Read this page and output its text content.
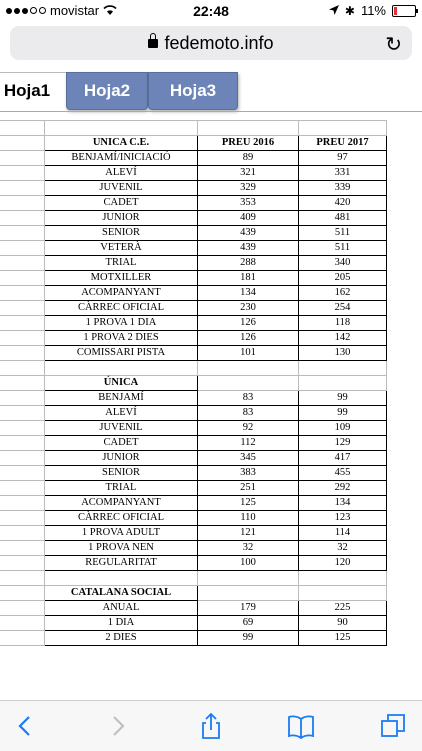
movistar	22:48	✱ 11%
fedemoto.info	↻
Hoja1	Hoja2	Hoja3

	UNICA C.E.	PREU 2016	PREU 2017
	BENJAMÍ/INICIACIÓ	89	97
	ALEVÍ	321	331
	JUVENIL	329	339
	CADET	353	420
	JUNIOR	409	481
	SENIOR	439	511
	VETERÀ	439	511
	TRIAL	288	340
	MOTXILLER	181	205
	ACOMPANYANT	134	162
	CÀRREC OFICIAL	230	254
	1 PROVA 1 DIA	126	118
	1 PROVA 2 DIES	126	142
	COMISSARI PISTA	101	130

	ÚNICA		
	BENJAMÍ	83	99
	ALEVÍ	83	99
	JUVENIL	92	109
	CADET	112	129
	JUNIOR	345	417
	SENIOR	383	455
	TRIAL	251	292
	ACOMPANYANT	125	134
	CÀRREC OFICIAL	110	123
	1 PROVA ADULT	121	114
	1 PROVA NEN	32	32
	REGULARITAT	100	120

	CATALANA SOCIAL		
	ANUAL	179	225
	1 DIA	69	90
	2 DIES	99	125
